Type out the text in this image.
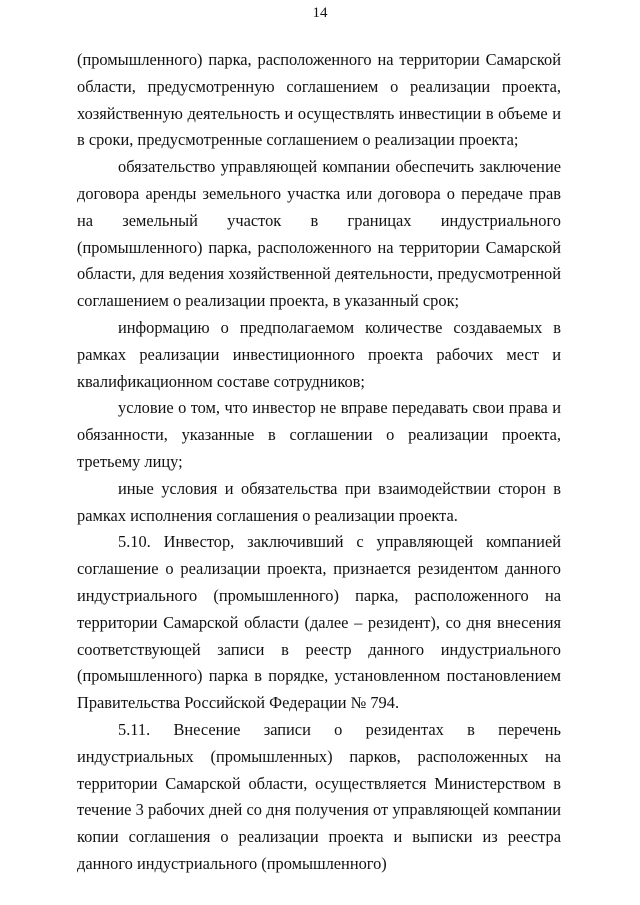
14

(промышленного) парка, расположенного на территории Самарской области, предусмотренную соглашением о реализации проекта, хозяйственную деятельность и осуществлять инвестиции в объеме и в сроки, предусмотренные соглашением о реализации проекта;

обязательство управляющей компании обеспечить заключение договора аренды земельного участка или договора о передаче прав на земельный участок в границах индустриального (промышленного) парка, расположенного на территории Самарской области, для ведения хозяйственной деятельности, предусмотренной соглашением о реализации проекта, в указанный срок;

информацию о предполагаемом количестве создаваемых в рамках реализации инвестиционного проекта рабочих мест и квалификационном составе сотрудников;

условие о том, что инвестор не вправе передавать свои права и обязанности, указанные в соглашении о реализации проекта, третьему лицу;

иные условия и обязательства при взаимодействии сторон в рамках исполнения соглашения о реализации проекта.

5.10. Инвестор, заключивший с управляющей компанией соглашение о реализации проекта, признается резидентом данного индустриального (промышленного) парка, расположенного на территории Самарской области (далее – резидент), со дня внесения соответствующей записи в реестр данного индустриального (промышленного) парка в порядке, установленном постановлением Правительства Российской Федерации № 794.

5.11. Внесение записи о резидентах в перечень индустриальных (промышленных) парков, расположенных на территории Самарской области, осуществляется Министерством в течение 3 рабочих дней со дня получения от управляющей компании копии соглашения о реализации проекта и выписки из реестра данного индустриального (промышленного)
